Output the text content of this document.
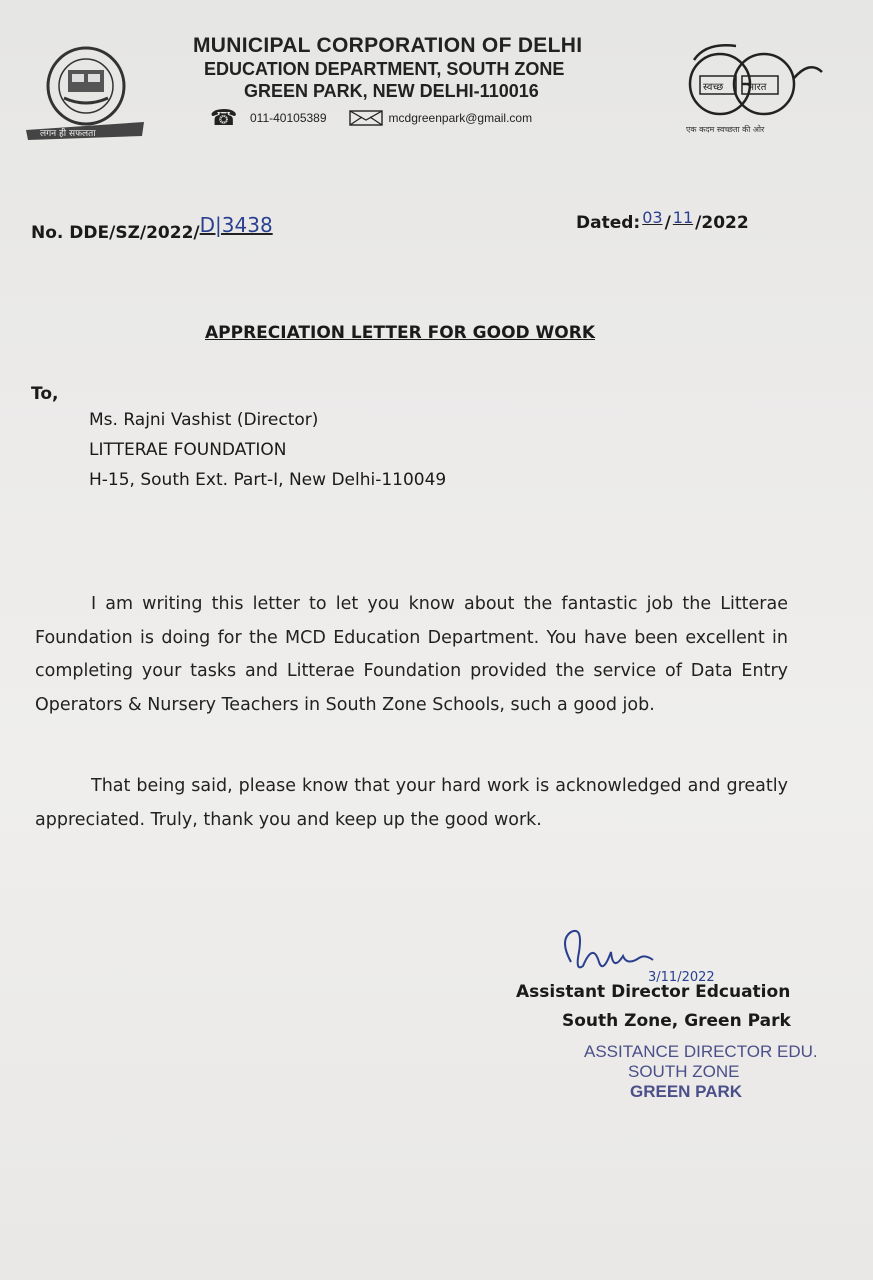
लगन ही सफलता
MUNICIPAL CORPORATION OF DELHI
EDUCATION DEPARTMENT, SOUTH ZONE
GREEN PARK, NEW DELHI-110016
☎	011-40105389	mcdgreenpark@gmail.com
स्वच्छ भारत
एक कदम स्वच्छता की ओर
No. DDE/SZ/2022/D|3438	Dated: 03 / 11 /2022
APPRECIATION LETTER FOR GOOD WORK
To,
Ms. Rajni Vashist (Director)
LITTERAE FOUNDATION
H-15, South Ext. Part-I, New Delhi-110049
I am writing this letter to let you know about the fantastic job the Litterae Foundation is doing for the MCD Education Department. You have been excellent in completing your tasks and Litterae Foundation provided the service of Data Entry Operators & Nursery Teachers in South Zone Schools, such a good job.
That being said, please know that your hard work is acknowledged and greatly appreciated. Truly, thank you and keep up the good work.
3/11/2022
Assistant Director Edcuation
South Zone, Green Park
ASSITANCE DIRECTOR EDU.
SOUTH ZONE
GREEN PARK
